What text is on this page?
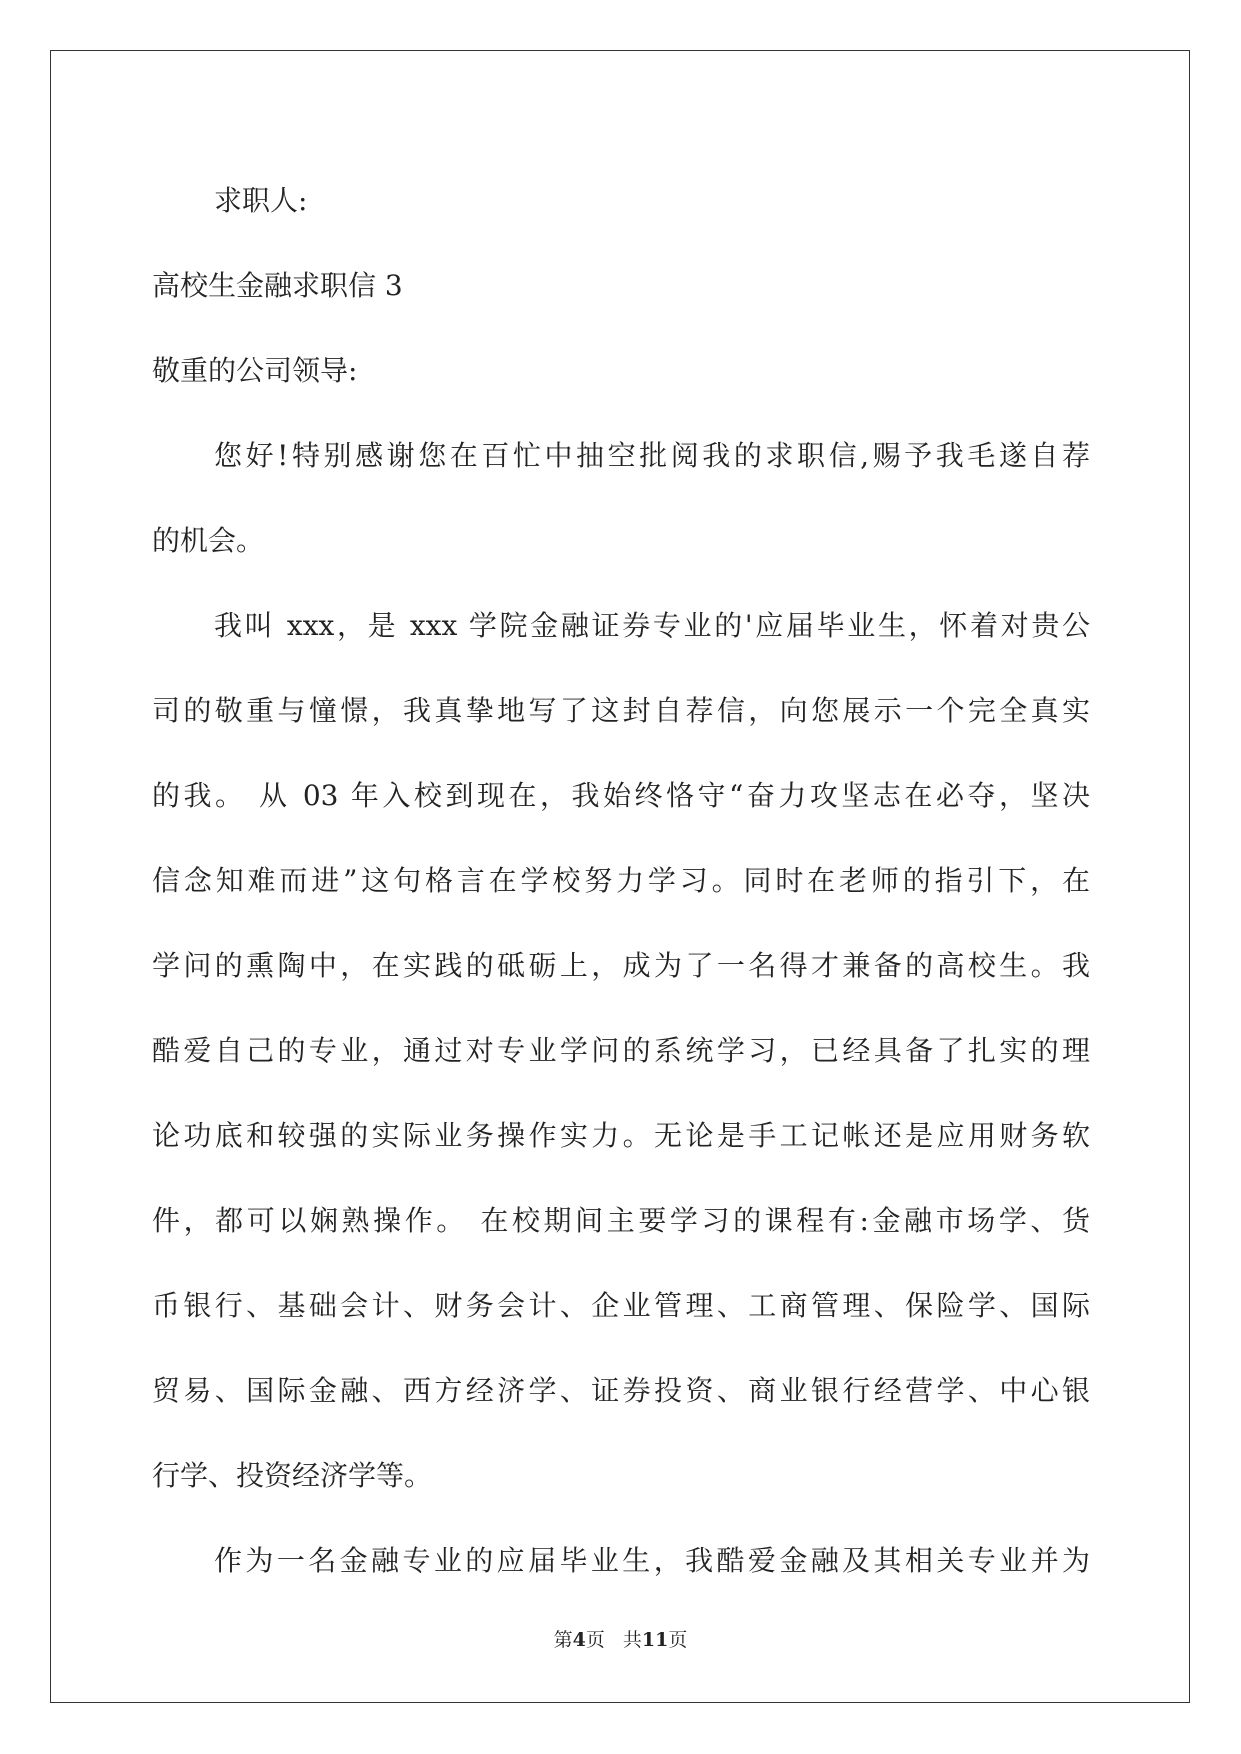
求职人:
高校生金融求职信 3
敬重的公司领导:
您好!特别感谢您在百忙中抽空批阅我的求职信,赐予我毛遂自荐
的机会。
我叫 xxx，是 xxx 学院金融证券专业的'应届毕业生，怀着对贵公
司的敬重与憧憬，我真挚地写了这封自荐信，向您展示一个完全真实
的我。 从 03 年入校到现在，我始终恪守“奋力攻坚志在必夺，坚决
信念知难而进”这句格言在学校努力学习。同时在老师的指引下，在
学问的熏陶中，在实践的砥砺上，成为了一名得才兼备的高校生。我
酷爱自己的专业，通过对专业学问的系统学习，已经具备了扎实的理
论功底和较强的实际业务操作实力。无论是手工记帐还是应用财务软
件，都可以娴熟操作。 在校期间主要学习的课程有:金融市场学、货
币银行、基础会计、财务会计、企业管理、工商管理、保险学、国际
贸易、国际金融、西方经济学、证券投资、商业银行经营学、中心银
行学、投资经济学等。
作为一名金融专业的应届毕业生，我酷爱金融及其相关专业并为
第4页 共11页
